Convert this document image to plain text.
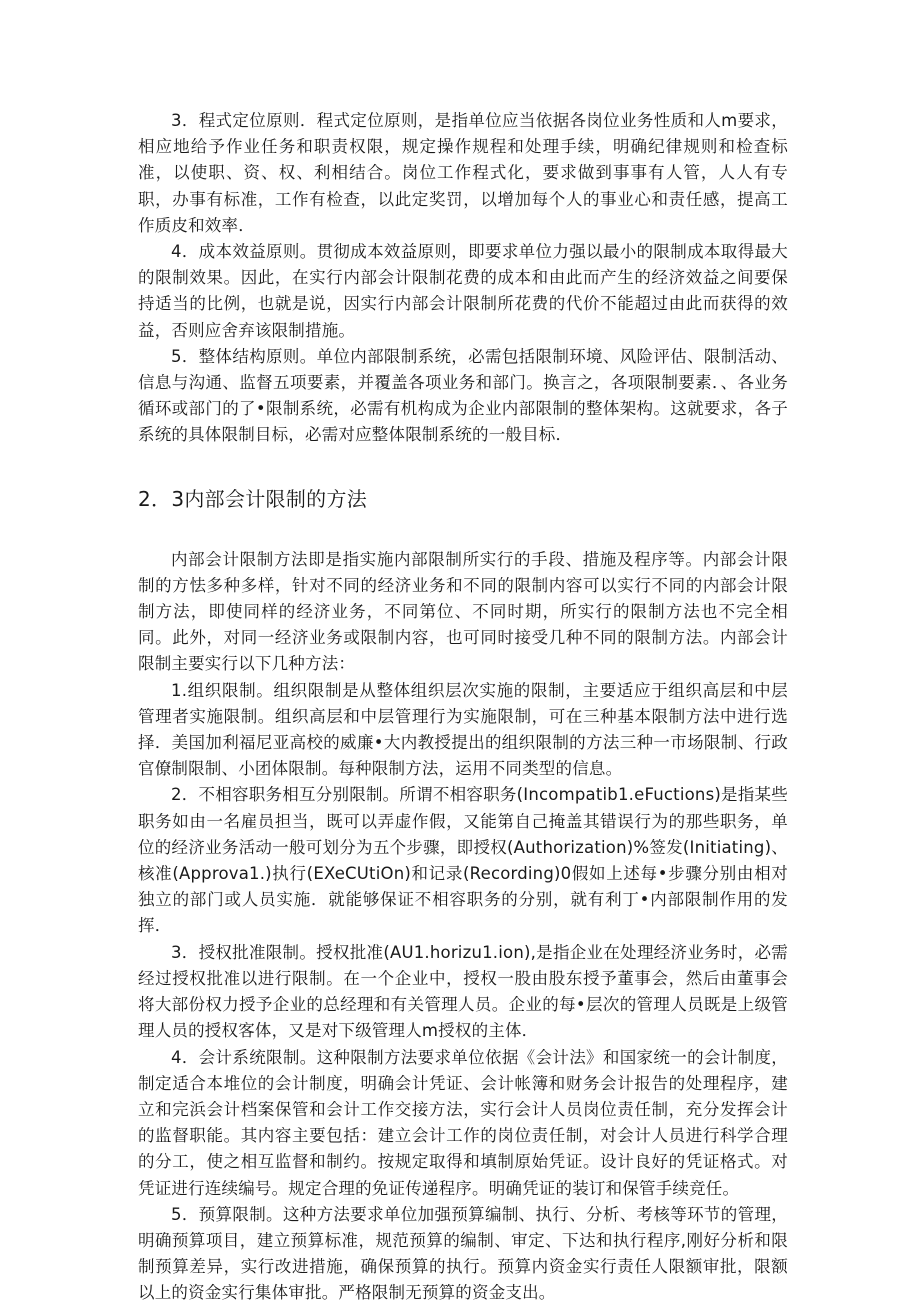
3．程式定位原则．程式定位原则，是指单位应当依据各岗位业务性质和人m要求，相应地给予作业任务和职责权限，规定操作规程和处理手续，明确纪律规则和检查标准，以使职、资、权、利相结合。岗位工作程式化，要求做到事事有人管，人人有专职，办事有标准，工作有检查，以此定奖罚，以增加每个人的事业心和责任感，提高工作质皮和效率．

4．成本效益原则。贯彻成本效益原则，即要求单位力强以最小的限制成本取得最大的限制效果。因此，在实行内部会计限制花费的成本和由此而产生的经济效益之间要保持适当的比例，也就是说，因实行内部会计限制所花费的代价不能超过由此而获得的效益，否则应舍弃该限制措施。

5．整体结构原则。单位内部限制系统，必需包括限制环境、风险评估、限制活动、信息与沟通、监督五项要素，并覆盖各项业务和部门。换言之，各项限制要素．、各业务循环或部门的了•限制系统，必需有机构成为企业内部限制的整体架构。这就要求，各子系统的具体限制目标，必需对应整体限制系统的一般目标．

2．3内部会计限制的方法

内部会计限制方法即是指实施内部限制所实行的手段、措施及程序等。内部会计限制的方怯多种多样，针对不同的经济业务和不同的限制内容可以实行不同的内部会计限制方法，即使同样的经济业务，不同第位、不同时期，所实行的限制方法也不完全相同。此外，对同一经济业务或限制内容，也可同时接受几种不同的限制方法。内部会计限制主要实行以下几种方法：

1.组织限制。组织限制是从整体组织层次实施的限制，主要适应于组织高层和中层管理者实施限制。组织高层和中层管理行为实施限制，可在三种基本限制方法中进行选择．美国加利福尼亚高校的威廉•大内教授提出的组织限制的方法三种一市场限制、行政官僚制限制、小团体限制。每种限制方法，运用不同类型的信息。

2．不相容职务相互分别限制。所谓不相容职务(Incompatib1.eFuctions)是指某些职务如由一名雇员担当，既可以弄虚作假，又能第自己掩盖其错误行为的那些职务，单位的经济业务活动一般可划分为五个步骤，即授权(Authorization)%签发(Initiating)、核准(Approva1.)执行(EXeCUtiOn)和记录(Recording)0假如上述每•步骤分别由相对独立的部门或人员实施．就能够保证不相容职务的分别，就有利丁•内部限制作用的发挥．

3．授权批准限制。授权批准(AU1.horizu1.ion),是指企业在处理经济业务时，必需经过授权批准以进行限制。在一个企业中，授权一股由股东授予董事会，然后由董事会将大部份权力授予企业的总经理和有关管理人员。企业的每•层次的管理人员既是上级管理人员的授权客体，又是对下级管理人m授权的主体．

4．会计系统限制。这种限制方法要求单位依据《会计法》和国家统一的会计制度，制定适合本堆位的会计制度，明确会计凭证、会计帐簿和财务会计报告的处理程序，建立和完浜会计档案保管和会计工作交接方法，实行会计人员岗位责任制，充分发挥会计的监督职能。其内容主要包括：建立会计工作的岗位责任制，对会计人员进行科学合理的分工，使之相互监督和制约。按规定取得和填制原始凭证。设计良好的凭证格式。对凭证进行连续编号。规定合理的免证传递程序。明确凭证的装订和保管手续竞任。

5．预算限制。这种方法要求单位加强预算编制、执行、分析、考核等环节的管理，明确预算项目，建立预算标准，规范预算的编制、审定、下达和执行程序,刚好分析和限制预算差异，实行改进措施，确保预算的执行。预算内资金实行责任人限额审批，限额以上的资金实行集体审批。严格限制无预算的资金支出。
